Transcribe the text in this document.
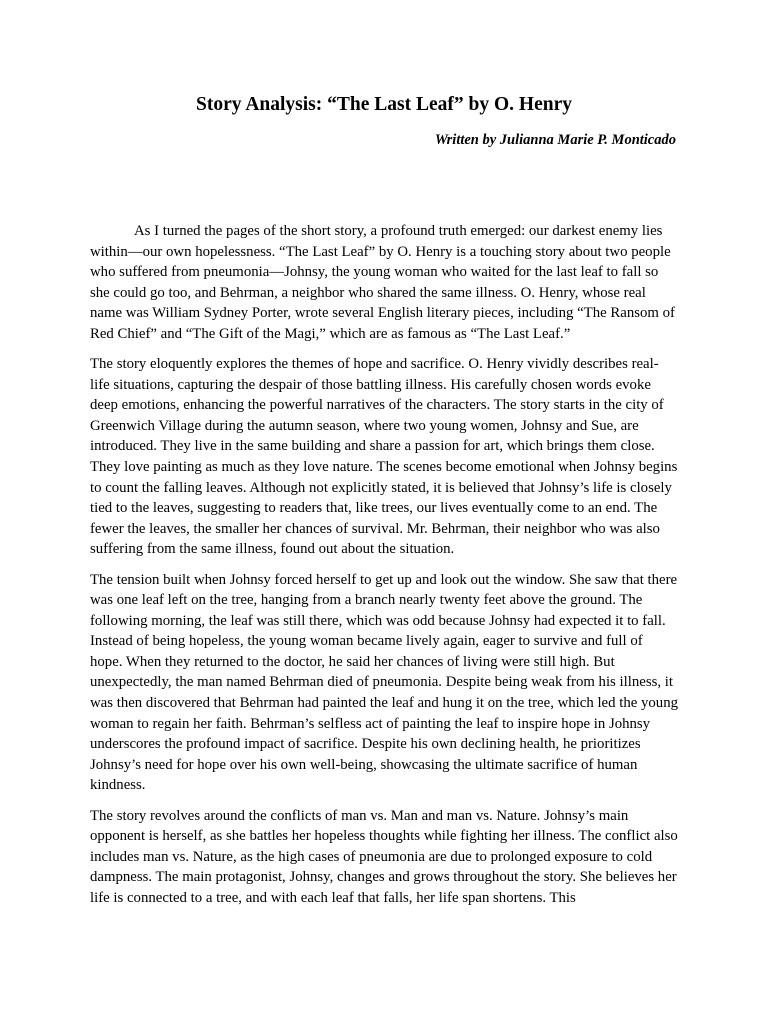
Story Analysis: “The Last Leaf” by O. Henry

Written by Julianna Marie P. Monticado

As I turned the pages of the short story, a profound truth emerged: our darkest enemy lies within—our own hopelessness. “The Last Leaf” by O. Henry is a touching story about two people who suffered from pneumonia—Johnsy, the young woman who waited for the last leaf to fall so she could go too, and Behrman, a neighbor who shared the same illness. O. Henry, whose real name was William Sydney Porter, wrote several English literary pieces, including “The Ransom of Red Chief” and “The Gift of the Magi,” which are as famous as “The Last Leaf.”

The story eloquently explores the themes of hope and sacrifice. O. Henry vividly describes real-life situations, capturing the despair of those battling illness. His carefully chosen words evoke deep emotions, enhancing the powerful narratives of the characters. The story starts in the city of Greenwich Village during the autumn season, where two young women, Johnsy and Sue, are introduced. They live in the same building and share a passion for art, which brings them close. They love painting as much as they love nature. The scenes become emotional when Johnsy begins to count the falling leaves. Although not explicitly stated, it is believed that Johnsy’s life is closely tied to the leaves, suggesting to readers that, like trees, our lives eventually come to an end. The fewer the leaves, the smaller her chances of survival. Mr. Behrman, their neighbor who was also suffering from the same illness, found out about the situation.

The tension built when Johnsy forced herself to get up and look out the window. She saw that there was one leaf left on the tree, hanging from a branch nearly twenty feet above the ground. The following morning, the leaf was still there, which was odd because Johnsy had expected it to fall. Instead of being hopeless, the young woman became lively again, eager to survive and full of hope. When they returned to the doctor, he said her chances of living were still high. But unexpectedly, the man named Behrman died of pneumonia. Despite being weak from his illness, it was then discovered that Behrman had painted the leaf and hung it on the tree, which led the young woman to regain her faith. Behrman’s selfless act of painting the leaf to inspire hope in Johnsy underscores the profound impact of sacrifice. Despite his own declining health, he prioritizes Johnsy’s need for hope over his own well-being, showcasing the ultimate sacrifice of human kindness.

The story revolves around the conflicts of man vs. Man and man vs. Nature. Johnsy’s main opponent is herself, as she battles her hopeless thoughts while fighting her illness. The conflict also includes man vs. Nature, as the high cases of pneumonia are due to prolonged exposure to cold dampness. The main protagonist, Johnsy, changes and grows throughout the story. She believes her life is connected to a tree, and with each leaf that falls, her life span shortens. This
